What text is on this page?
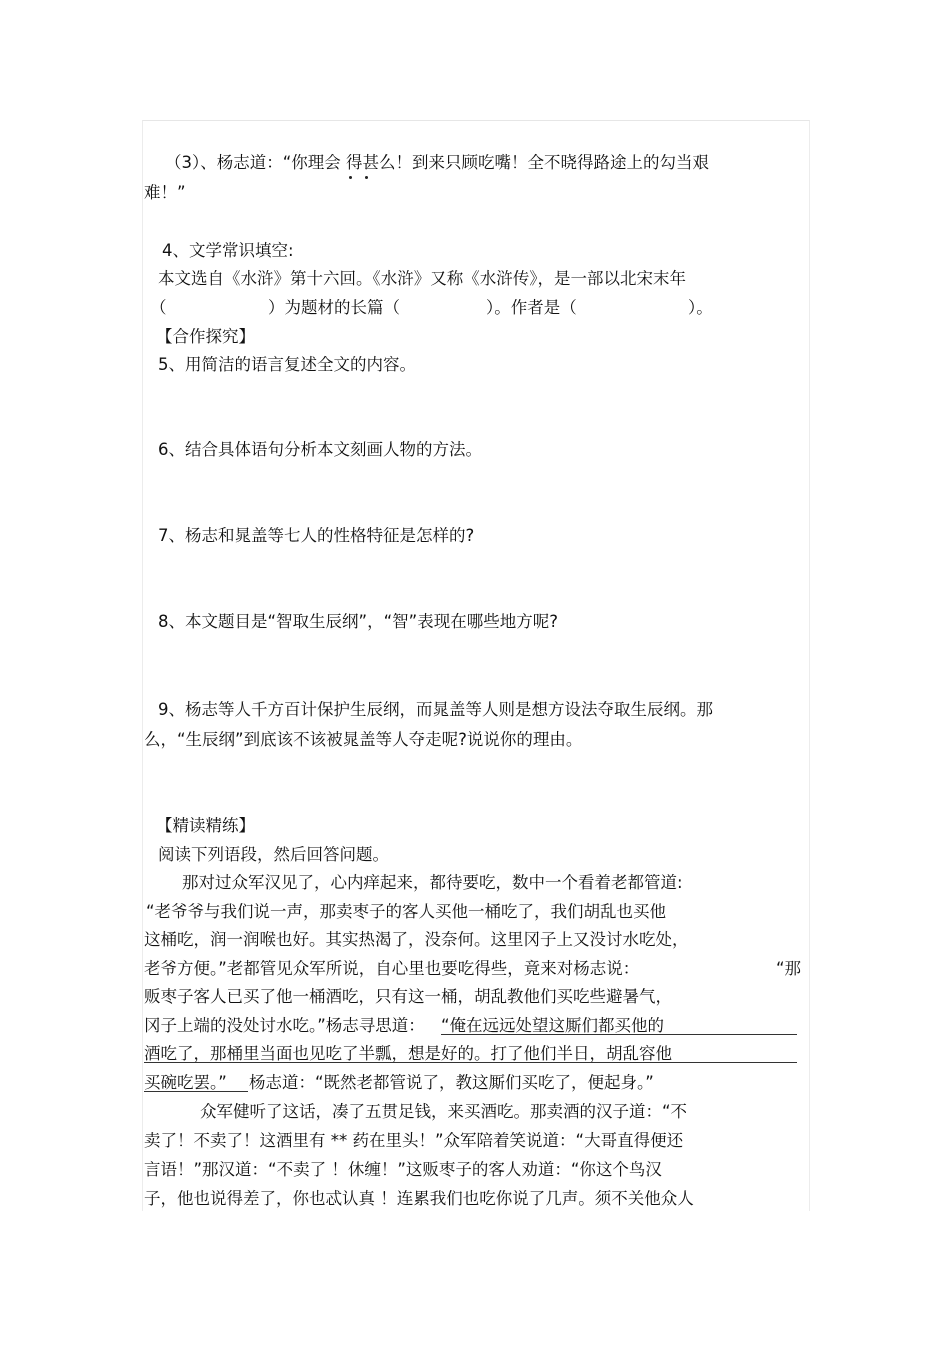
（3）、杨志道：“你理会 得甚么！到来只顾吃嘴！全不晓得路途上的勾当艰
难！”
4、文学常识填空:
本文选自《水浒》第十六回。《水浒》又称《水浒传》，是一部以北宋末年
（	）为题材的长篇（	）。作者是（	）。
【合作探究】
5、用简洁的语言复述全文的内容。
6、结合具体语句分析本文刻画人物的方法。
7、杨志和晁盖等七人的性格特征是怎样的?
8、本文题目是“智取生辰纲”，“智”表现在哪些地方呢?
9、杨志等人千方百计保护生辰纲，而晁盖等人则是想方设法夺取生辰纲。那
么，“生辰纲”到底该不该被晁盖等人夺走呢?说说你的理由。
【精读精练】
阅读下列语段，然后回答问题。
那对过众军汉见了，心内痒起来，都待要吃，数中一个看着老都管道:
“老爷爷与我们说一声，那卖枣子的客人买他一桶吃了，我们胡乱也买他
这桶吃，润一润喉也好。其实热渴了，没奈何。这里冈子上又没讨水吃处，
老爷方便。”老都管见众军所说，自心里也要吃得些，竟来对杨志说：	“那
贩枣子客人已买了他一桶酒吃，只有这一桶，胡乱教他们买吃些避暑气，
冈子上端的没处讨水吃。”杨志寻思道： “俺在远远处望这厮们都买他的
酒吃了，那桶里当面也见吃了半瓢，想是好的。打了他们半日，胡乱容他
买碗吃罢。” 杨志道：“既然老都管说了，教这厮们买吃了，便起身。”
众军健听了这话，凑了五贯足钱，来买酒吃。那卖酒的汉子道：“不
卖了！不卖了！这酒里有 ** 药在里头！”众军陪着笑说道：“大哥直得便还
言语！”那汉道：“不卖了 ！休缠！”这贩枣子的客人劝道：“你这个鸟汉
子，他也说得差了，你也忒认真 ！连累我们也吃你说了几声。须不关他众人
